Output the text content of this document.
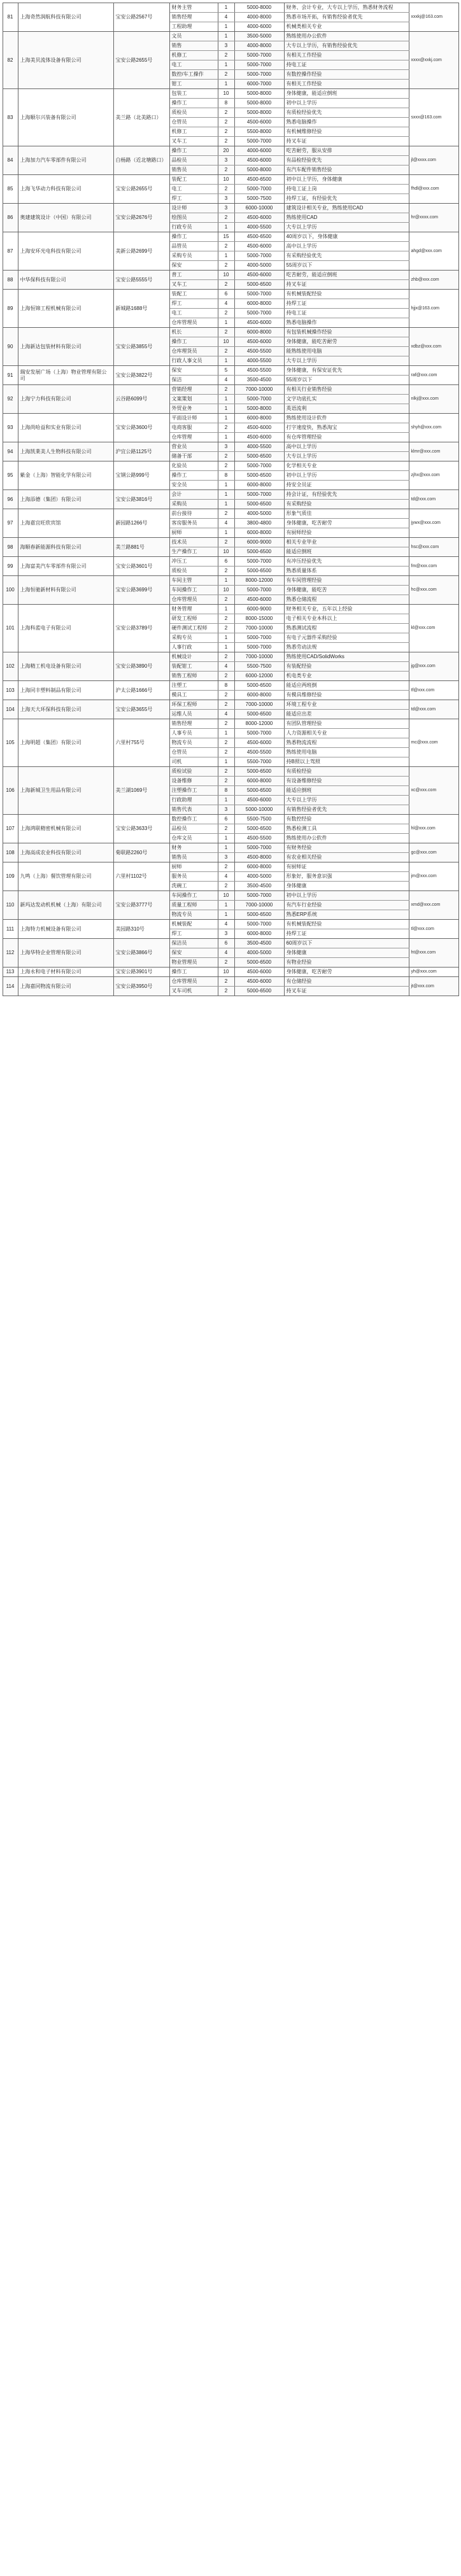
81	上海奇然润航科技有限公司	宝安公路2567号
财务主管	1	5000-8000	财务、会计专业，大专以上学历，熟悉财务流程
销售经理	4	4000-8000	熟悉市场开拓，有销售经验者优先
工程助理	1	4000-6000	机械类相关专业
xxxkj@163.com
82	上海美贝流体设备有限公司	宝安公路2655号
文员	1	3500-5000	熟练使用办公软件
销售	3	4000-8000	大专以上学历，有销售经验优先
机修工	2	5000-7000	有相关工作经验
电工	1	5000-7000	持电工证
数控/车工操作	2	5000-7000	有数控操作经验
钳工	1	6000-7000	有相关工作经验
xxxx@xxkj.com
83	上海顺尔兴装备有限公司	美兰路（北美路口）
包装工	10	5000-8000	身体健康，能适应倒班
操作工	8	5000-8000	初中以上学历
质检员	2	5000-8000	有质检经验优先
仓管员	2	4500-6000	熟悉电脑操作
机修工	2	5500-8000	有机械维修经验
叉车工	2	5000-7000	持叉车证
sxxx@163.com
84	上海加力汽车零部件有限公司	白杨路（近北塘路口）
操作工	20	4000-6000	吃苦耐劳，服从安排
品检员	3	4500-6000	有品检经验优先
销售员	2	5000-8000	有汽车配件销售经验
jl@xxxx.com
85	上海飞华动力科技有限公司	宝安公路2655号
装配工	10	4500-6500	初中以上学历，身体健康
电工	2	5000-7000	持电工证上岗
焊工	3	5000-7500	持焊工证，有经验优先
fhdl@xxx.com
86	奥建建筑设计（中国）有限公司	宝安公路2676号
设计师	3	6000-10000	建筑设计相关专业，熟练使用CAD
绘图员	2	4500-6000	熟练使用CAD
行政专员	1	4000-5500	大专以上学历
hr@xxxx.com
87	上海安环光电科技有限公司	美新公路2699号
操作工	15	4500-6500	40周岁以下，身体健康
品管员	2	4500-6000	高中以上学历
采购专员	1	5000-7000	有采购经验优先
保安	2	4000-5000	55周岁以下
ahgd@xxx.com
88	中华保科技有限公司	宝安公路5555号
普工	10	4500-6000	吃苦耐劳，能适应倒班
叉车工	2	5000-6500	持叉车证
zhb@xxx.com
89	上海恒锦工程机械有限公司	新城路1688号
装配工	6	5000-7000	有机械装配经验
焊工	4	6000-8000	持焊工证
电工	2	5000-7000	持电工证
仓库管理员	1	4500-6000	熟悉电脑操作
hjjx@163.com
90	上海新达包装材料有限公司	宝安公路3855号
机长	2	6000-8000	有包装机械操作经验
操作工	10	4500-6000	身体健康，能吃苦耐劳
仓库理货员	2	4500-5500	能熟练使用电脑
行政人事文员	1	4000-5500	大专以上学历
xdbz@xxx.com
91
瑞安发展广场（上海）物业管理有限公司
宝安公路3822号
保安	5	4500-5500	身体健康，有保安证优先
保洁	4	3500-4500	55周岁以下
raf@xxx.com
92	上海宁力科技有限公司	云谷路6099号
营销经理	2	7000-10000	有相关行业销售经验
文案策划	1	5000-7000	文字功底扎实
外贸业务	1	5000-8000	英语流利
nlkj@xxx.com
93	上海尚哈益和实业有限公司	宝安公路3600号
平面设计师	1	6000-8000	熟练使用设计软件
电商客服	2	4500-6000	打字速度快，熟悉淘宝
仓库管理	1	4500-6000	有仓库管理经验
shyh@xxx.com
94	上海凯莱美人生物科技有限公司	沪宜公路1125号
营业员	3	4000-5500	高中以上学历
储备干部	2	5000-6500	大专以上学历
klmr@xxx.com
95	紫金（上海）智能化学有限公司	宝钢公路999号
化验员	2	5000-7000	化学相关专业
操作工	8	5000-6500	初中以上学历
安全员	1	6000-8000	持安全员证
zjhx@xxx.com
96	上海添德（集团）有限公司	宝安公路3816号
会计	1	5000-7000	持会计证，有经验优先
采购员	1	5000-6500	有采购经验
td@xxx.com
97	上海嘉宜旺欣宾馆	新园路1266号
前台接待	2	4000-5000	形象气质佳
客房服务员	4	3800-4800	身体健康，吃苦耐劳
厨师	1	6000-8000	有厨师经验
jywx@xxx.com
98	海顺春新能源科技有限公司	美兰路881号
技术员	2	6000-9000	相关专业毕业
生产操作工	10	5000-6500	能适应倒班
hsc@xxx.com
99	上海富美汽车零部件有限公司	宝安公路3601号
冲压工	6	5000-7000	有冲压经验优先
质检员	2	5000-6500	熟悉质量体系
fm@xxx.com
100	上海恒驰新材料有限公司	宝安公路3699号
车间主管	1	8000-12000	有车间管理经验
车间操作工	10	5000-7000	身体健康，能吃苦
仓库管理员	2	4500-6000	熟悉仓储流程
hc@xxx.com
101	上海科蓝电子有限公司	宝安公路3789号
财务管理	1	6000-9000	财务相关专业，五年以上经验
研发工程师	2	8000-15000	电子相关专业本科以上
硬件测试工程师	2	7000-10000	熟悉测试流程
采购专员	1	5000-7000	有电子元器件采购经验
人事行政	1	5000-7000	熟悉劳动法规
kl@xxx.com
102	上海精工机电设备有限公司	宝安公路3890号
机械设计	2	7000-10000	熟练使用CAD/SolidWorks
装配钳工	4	5500-7500	有装配经验
销售工程师	2	6000-12000	机电类专业
jg@xxx.com
103	上海同丰塑料制品有限公司	沪太公路1666号
注塑工	8	5000-6500	能适应两班倒
模具工	2	6000-8000	有模具维修经验
tf@xxx.com
104	上海天大环保科技有限公司	宝安公路3655号
环保工程师	2	7000-10000	环境工程专业
运维人员	4	5000-6500	能适应出差
td@xxx.com
105	上海明超（集团）有限公司	六里村755号
销售经理	2	8000-12000	有团队管理经验
人事专员	1	5000-7000	人力资源相关专业
物流专员	2	4500-6000	熟悉物流流程
仓管员	2	4500-5500	熟练使用电脑
司机	1	5500-7000	持B照以上驾照
mc@xxx.com
106	上海新城卫生用品有限公司	美兰湖1069号
质检试验	2	5000-6500	有质检经验
设备维修	2	6000-8000	有设备维修经验
注塑操作工	8	5000-6500	能适应倒班
行政助理	1	4500-6000	大专以上学历
销售代表	3	5000-10000	有销售经验者优先
xc@xxx.com
107	上海鸿联精密机械有限公司	宝安公路3633号
数控操作工	6	5500-7500	有数控经验
品检员	2	5000-6500	熟悉检测工具
仓库文员	1	4500-5500	熟练使用办公软件
hl@xxx.com
108	上海高成农业科技有限公司	菊联路2260号
财务	1	5000-7000	有财务经验
销售员	3	4500-8000	有农业相关经验
gc@xxx.com
109	九鸣（上海）餐饮管理有限公司	六里村1102号
厨师	2	6000-8000	有厨师证
服务员	4	4000-5000	形象好，服务意识强
洗碗工	2	3500-4500	身体健康
jm@xxx.com
110	新玛达发动机机械（上海）有限公司	宝安公路3777号
车间操作工	10	5000-7000	初中以上学历
质量工程师	1	7000-10000	有汽车行业经验
物流专员	1	5000-6500	熟悉ERP系统
xmd@xxx.com
111	上海特力机械设备有限公司	美园路310号
机械装配	4	5000-7000	有机械装配经验
焊工	3	6000-8000	持焊工证
tl@xxx.com
112	上海华特企业管理有限公司	宝安公路3866号
保洁员	6	3500-4500	60周岁以下
保安	4	4000-5000	身体健康
物业管理员	2	5000-6500	有物业经验
ht@xxx.com
113	上海永和电子材料有限公司	宝安公路3901号	操作工	10	4500-6000	身体健康，吃苦耐劳	yh@xxx.com
114	上海嘉同物流有限公司	宝安公路3950号
仓库管理员	2	4500-6000	有仓储经验
叉车司机	2	5000-6500	持叉车证
jt@xxx.com
